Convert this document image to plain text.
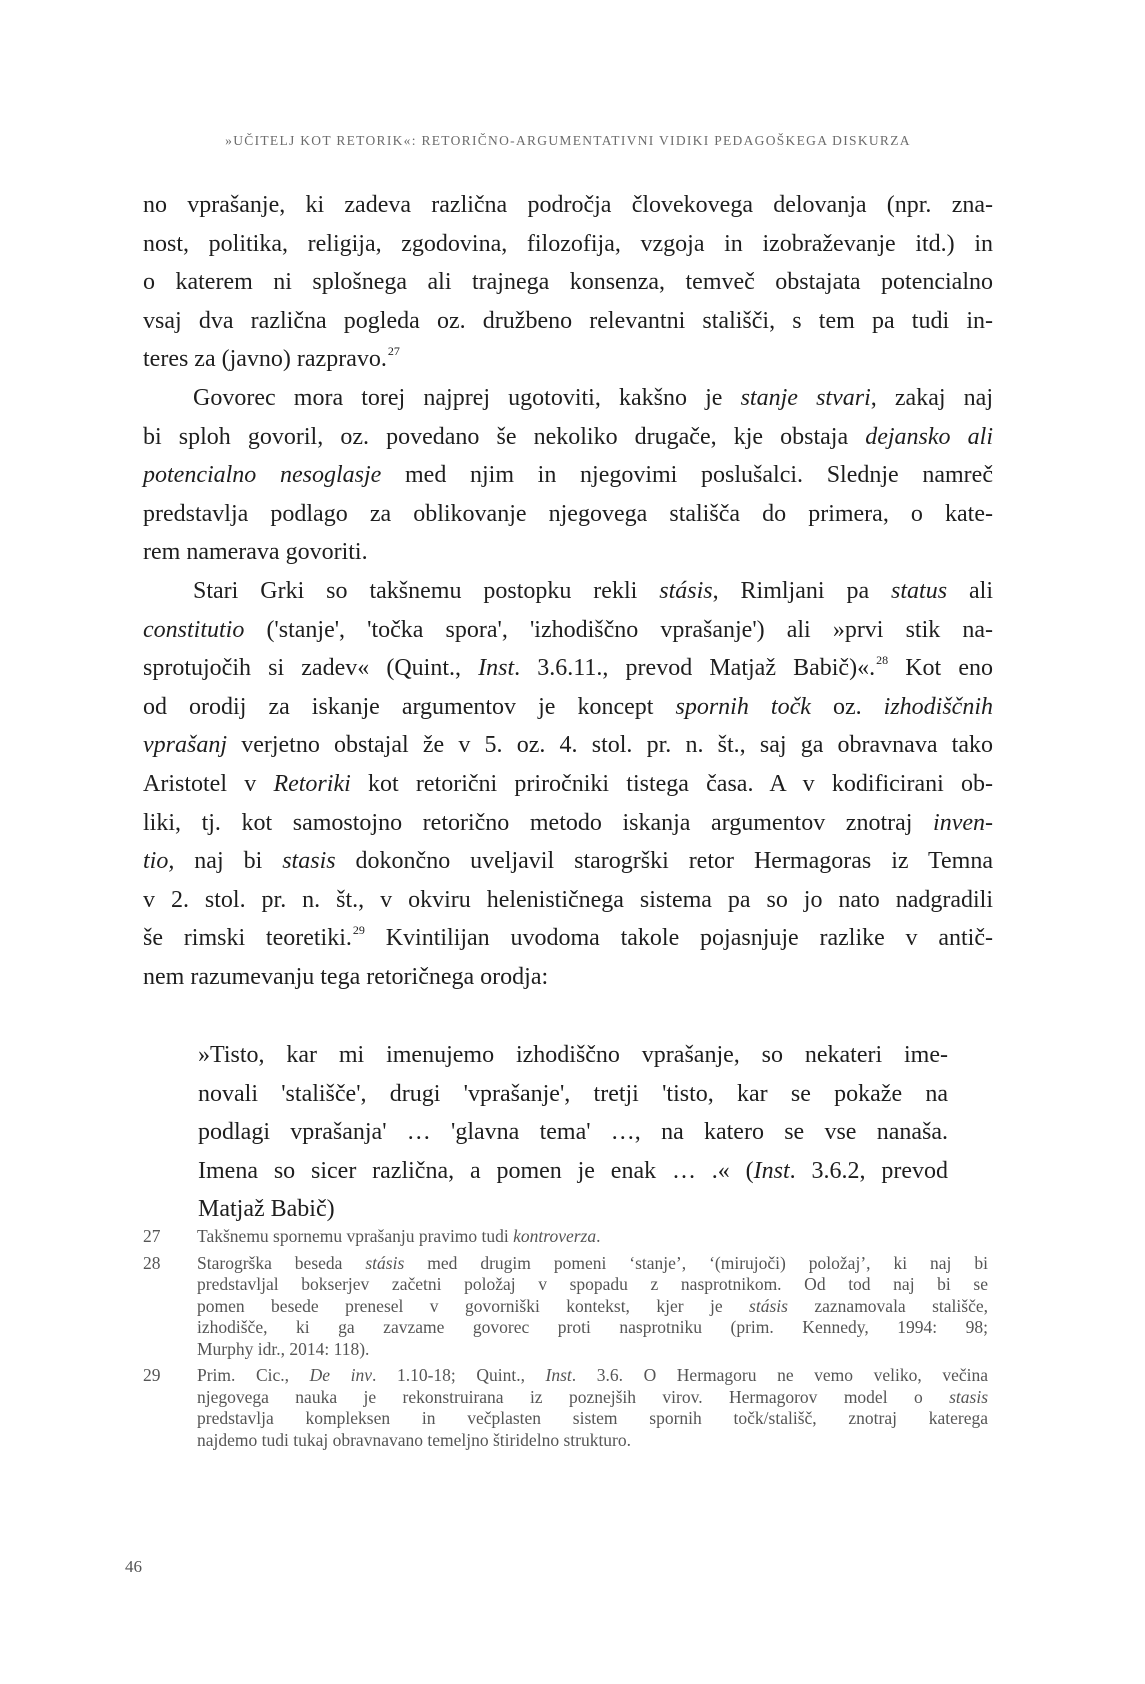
»UČITELJ KOT RETORIK«: RETORIČNO-ARGUMENTATIVNI VIDIKI PEDAGOŠKEGA DISKURZA
no vprašanje, ki zadeva različna področja človekovega delovanja (npr. zna-
nost, politika, religija, zgodovina, filozofija, vzgoja in izobraževanje itd.) in
o katerem ni splošnega ali trajnega konsenza, temveč obstajata potencialno
vsaj dva različna pogleda oz. družbeno relevantni stališči, s tem pa tudi in-
teres za (javno) razpravo.$^{27}$
Govorec mora torej najprej ugotoviti, kakšno je stanje stvari, zakaj naj
bi sploh govoril, oz. povedano še nekoliko drugače, kje obstaja dejansko ali
potencialno nesoglasje med njim in njegovimi poslušalci. Slednje namreč
predstavlja podlago za oblikovanje njegovega stališča do primera, o kate-
rem namerava govoriti.
Stari Grki so takšnemu postopku rekli stásis, Rimljani pa status ali
constitutio ('stanje', 'točka spora', 'izhodiščno vprašanje') ali »prvi stik na-
sprotujočih si zadev« (Quint., Inst. 3.6.11., prevod Matjaž Babič)«.$^{28}$ Kot eno
od orodij za iskanje argumentov je koncept spornih točk oz. izhodiščnih
vprašanj verjetno obstajal že v 5. oz. 4. stol. pr. n. št., saj ga obravnava tako
Aristotel v Retoriki kot retorični priročniki tistega časa. A v kodificirani ob-
liki, tj. kot samostojno retorično metodo iskanja argumentov znotraj inven-
tio, naj bi stasis dokončno uveljavil starogrški retor Hermagoras iz Temna
v 2. stol. pr. n. št., v okviru helenističnega sistema pa so jo nato nadgradili
še rimski teoretiki.$^{29}$ Kvintilijan uvodoma takole pojasnjuje razlike v antič-
nem razumevanju tega retoričnega orodja:
»Tisto, kar mi imenujemo izhodiščno vprašanje, so nekateri ime-
novali 'stališče', drugi 'vprašanje', tretji 'tisto, kar se pokaže na
podlagi vprašanja' … 'glavna tema' …, na katero se vse nanaša.
Imena so sicer različna, a pomen je enak … .« (Inst. 3.6.2, prevod
Matjaž Babič)
27 Takšnemu spornemu vprašanju pravimo tudi kontroverza.
28 Starogrška beseda stásis med drugim pomeni ‘stanje’, ‘(mirujoči) položaj’, ki naj bi
predstavljal bokserjev začetni položaj v spopadu z nasprotnikom. Od tod naj bi se
pomen besede prenesel v govorniški kontekst, kjer je stásis zaznamovala stališče,
izhodišče, ki ga zavzame govorec proti nasprotniku (prim. Kennedy, 1994: 98;
Murphy idr., 2014: 118).
29 Prim. Cic., De inv. 1.10-18; Quint., Inst. 3.6. O Hermagoru ne vemo veliko, večina
njegovega nauka je rekonstruirana iz poznejših virov. Hermagorov model o stasis
predstavlja kompleksen in večplasten sistem spornih točk/stališč, znotraj katerega
najdemo tudi tukaj obravnavano temeljno štiridelno strukturo.
46
